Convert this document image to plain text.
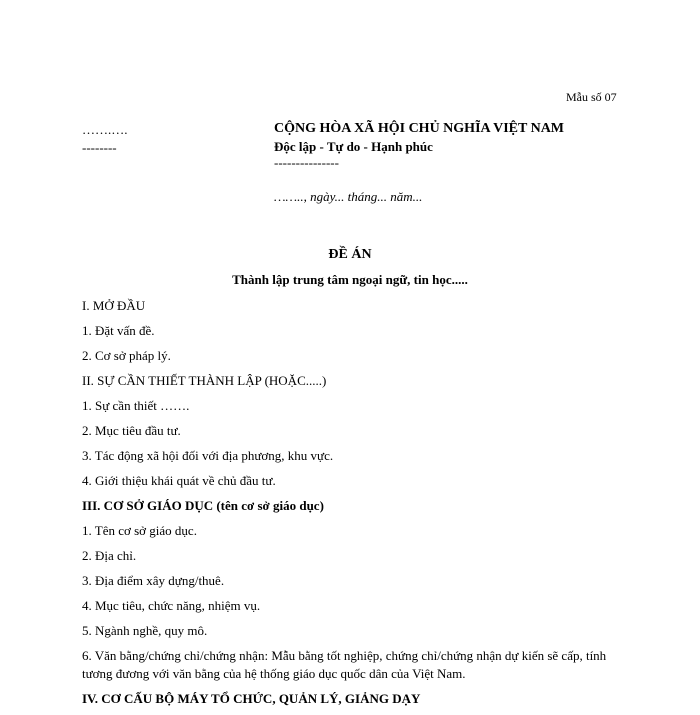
Mẫu số 07
…….….
--------
CỘNG HÒA XÃ HỘI CHỦ NGHĨA VIỆT NAM
Độc lập - Tự do - Hạnh phúc
---------------
…….., ngày... tháng... năm...
ĐỀ ÁN
Thành lập trung tâm ngoại ngữ, tin học.....
I. MỞ ĐẦU
1. Đặt vấn đề.
2. Cơ sở pháp lý.
II. SỰ CẦN THIẾT THÀNH LẬP (HOẶC.....)
1. Sự cần thiết …….
2. Mục tiêu đầu tư.
3. Tác động xã hội đối với địa phương, khu vực.
4. Giới thiệu khái quát về chủ đầu tư.
III. CƠ SỞ GIÁO DỤC (tên cơ sở giáo dục)
1. Tên cơ sở giáo dục.
2. Địa chỉ.
3. Địa điểm xây dựng/thuê.
4. Mục tiêu, chức năng, nhiệm vụ.
5. Ngành nghề, quy mô.
6. Văn bằng/chứng chỉ/chứng nhận: Mẫu bằng tốt nghiệp, chứng chỉ/chứng nhận dự kiến sẽ cấp, tính tương đương với văn bằng của hệ thống giáo dục quốc dân của Việt Nam.
IV. CƠ CẤU BỘ MÁY TỔ CHỨC, QUẢN LÝ, GIẢNG DẠY
